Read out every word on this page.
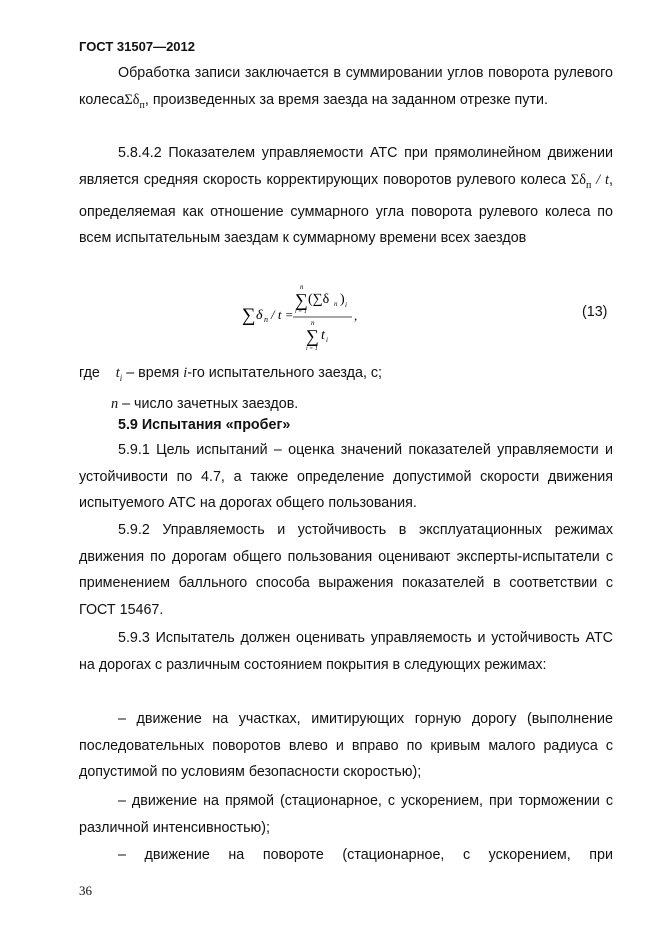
ГОСТ 31507—2012

Обработка записи заключается в суммировании углов поворота рулевого колесаΣδ$_п$, произведенных за время заезда на заданном отрезке пути.

5.8.4.2 Показателем управляемости АТС при прямолинейном движении является средняя скорость корректирующих поворотов рулевого колеса $\Sigma\delta_п$ / t, определяемая как отношение суммарного угла поворота рулевого колеса по всем испытательным заездам к суммарному времени всех заездов

∑ δ п / t =
n
∑
i = 1
(∑δ п ) i
n
∑
i = 1
t i
,	(13)
где $t_i$ – время i-го испытательного заезда, с;
n – число зачетных заездов.
5.9 Испытания «пробег»

5.9.1 Цель испытаний – оценка значений показателей управляемости и устойчивости по 4.7, а также определение допустимой скорости движения испытуемого АТС на дорогах общего пользования.

5.9.2 Управляемость и устойчивость в эксплуатационных режимах движения по дорогам общего пользования оценивают эксперты-испытатели с применением балльного способа выражения показателей в соответствии с ГОСТ 15467.

5.9.3 Испытатель должен оценивать управляемость и устойчивость АТС на дорогах с различным состоянием покрытия в следующих режимах:

– движение на участках, имитирующих горную дорогу (выполнение последовательных поворотов влево и вправо по кривым малого радиуса с допустимой по условиям безопасности скоростью);

– движение на прямой (стационарное, с ускорением, при торможении с различной интенсивностью);

– движение на повороте (стационарное, с ускорением, при

36
